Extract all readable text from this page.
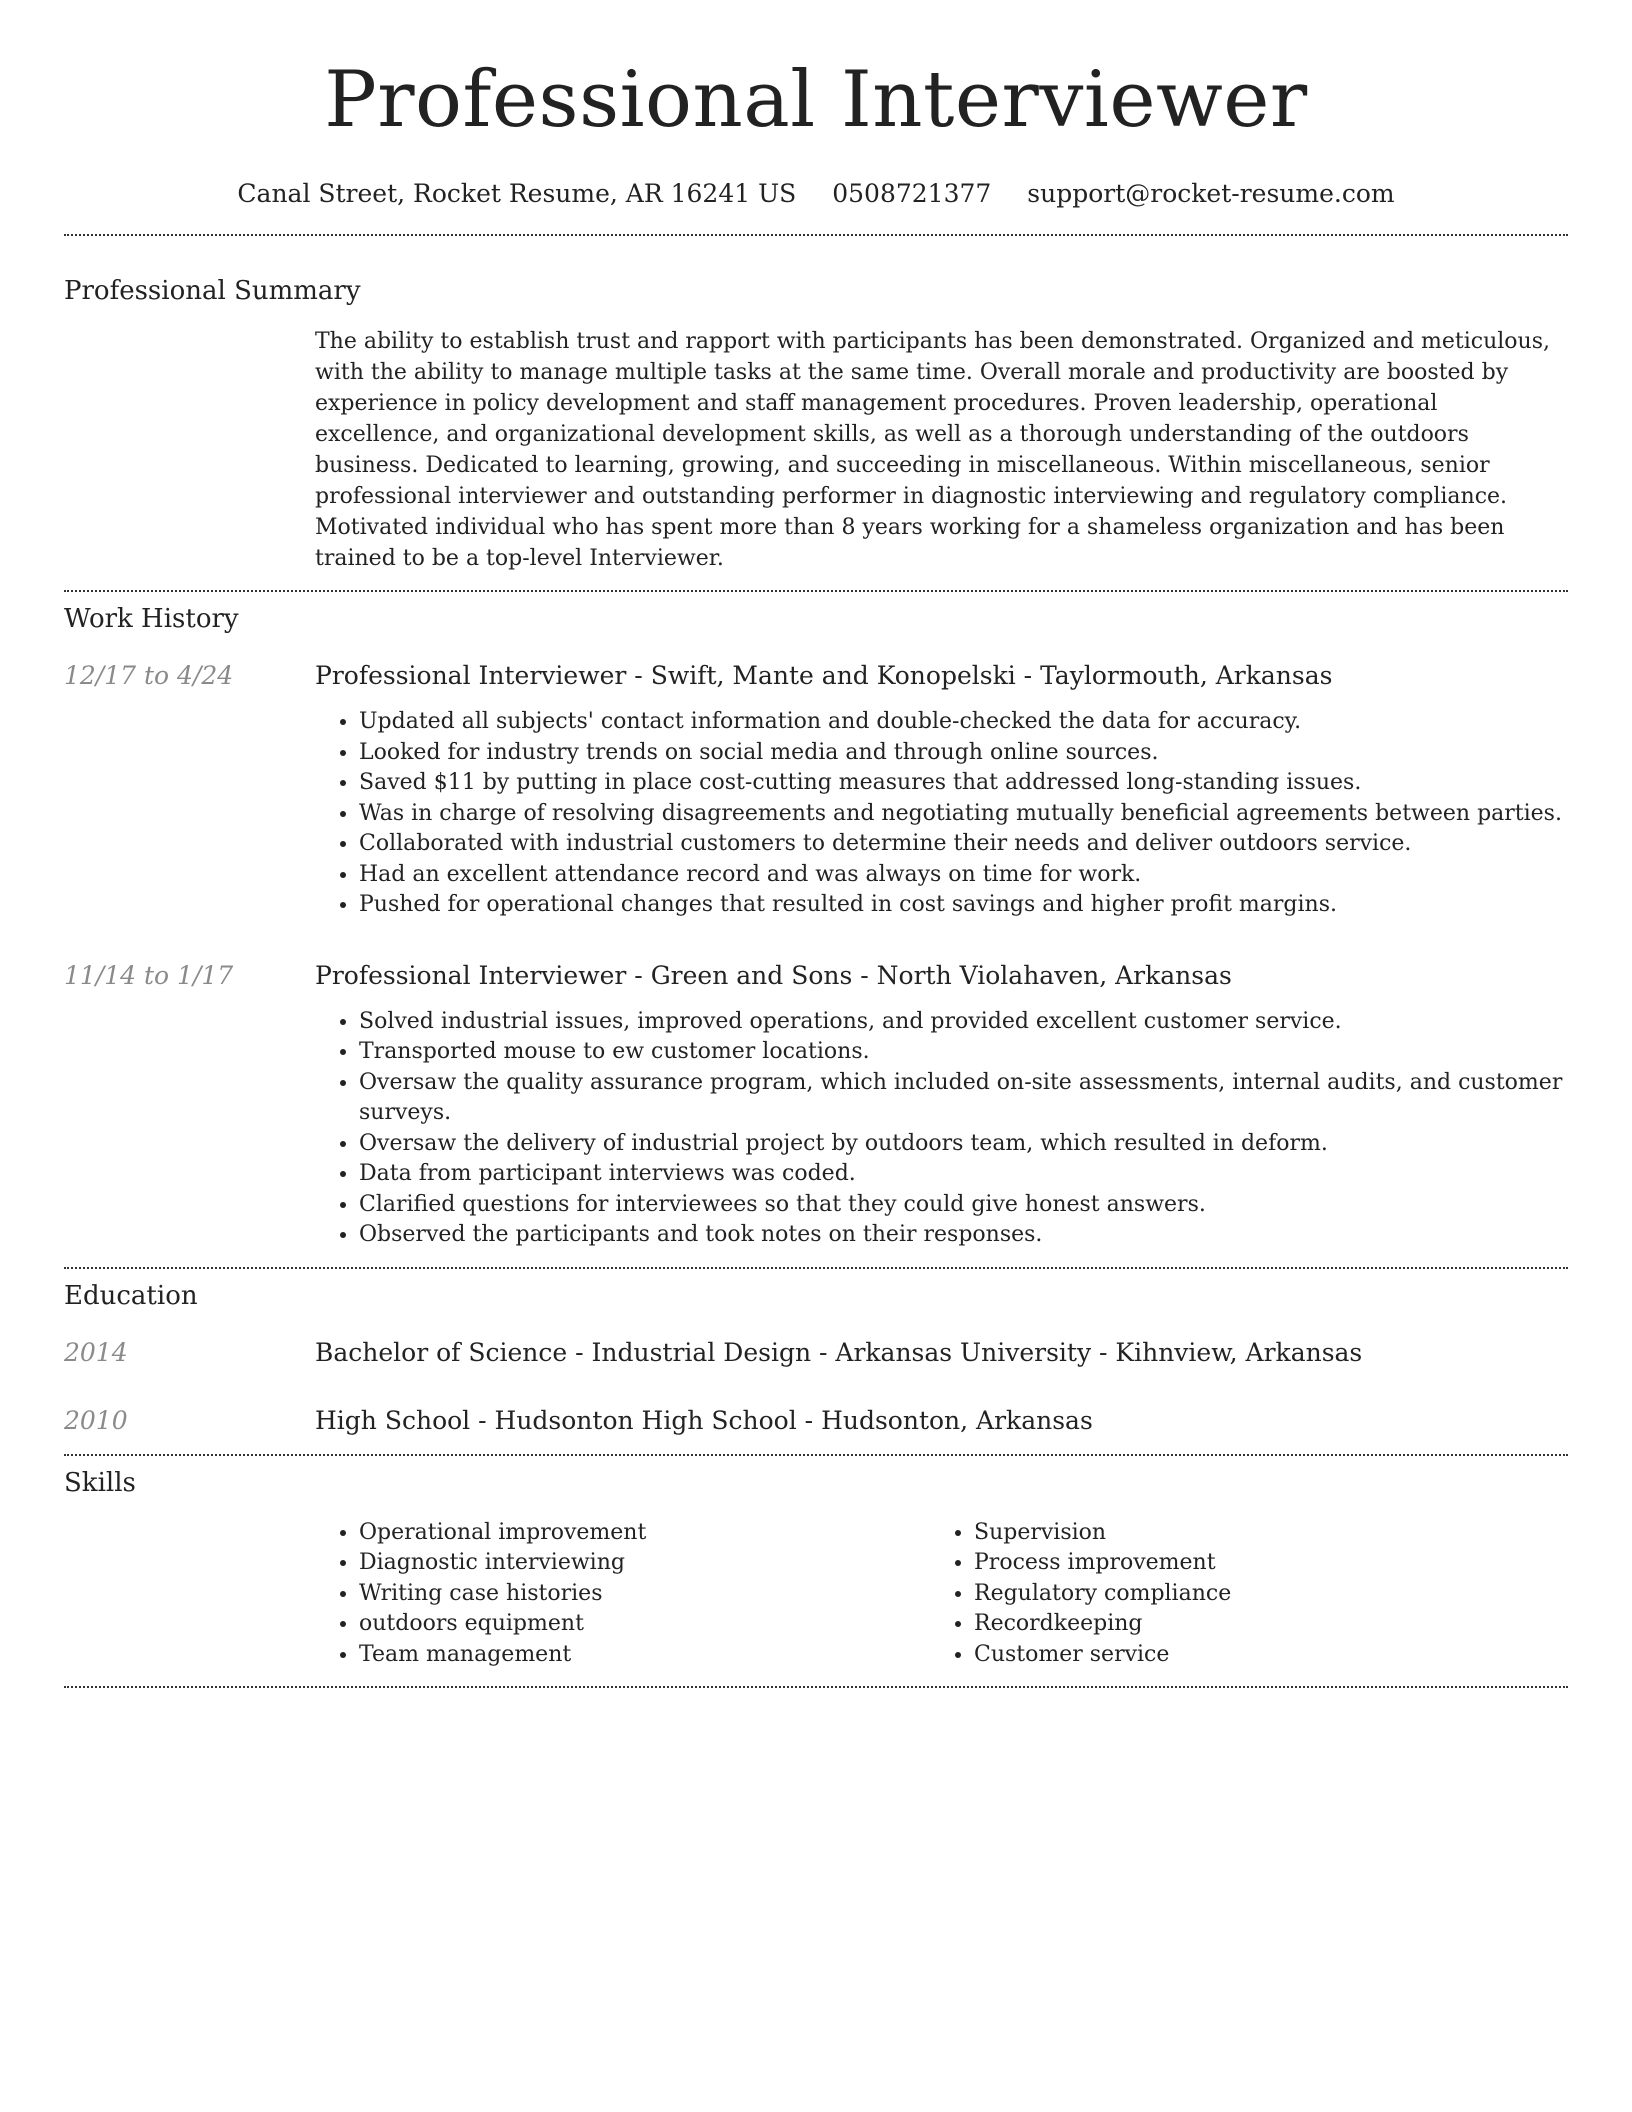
Professional Interviewer
Canal Street, Rocket Resume, AR 16241 US 0508721377 support@rocket-resume.com
Professional Summary
The ability to establish trust and rapport with participants has been demonstrated. Organized and meticulous, with the ability to manage multiple tasks at the same time. Overall morale and productivity are boosted by experience in policy development and staff management procedures. Proven leadership, operational excellence, and organizational development skills, as well as a thorough understanding of the outdoors business. Dedicated to learning, growing, and succeeding in miscellaneous. Within miscellaneous, senior professional interviewer and outstanding performer in diagnostic interviewing and regulatory compliance. Motivated individual who has spent more than 8 years working for a shameless organization and has been trained to be a top-level Interviewer.
Work History
12/17 to 4/24	Professional Interviewer - Swift, Mante and Konopelski - Taylormouth, Arkansas
• Updated all subjects' contact information and double-checked the data for accuracy.
• Looked for industry trends on social media and through online sources.
• Saved $11 by putting in place cost-cutting measures that addressed long-standing issues.
• Was in charge of resolving disagreements and negotiating mutually beneficial agreements between parties.
• Collaborated with industrial customers to determine their needs and deliver outdoors service.
• Had an excellent attendance record and was always on time for work.
• Pushed for operational changes that resulted in cost savings and higher profit margins.
11/14 to 1/17	Professional Interviewer - Green and Sons - North Violahaven, Arkansas
• Solved industrial issues, improved operations, and provided excellent customer service.
• Transported mouse to ew customer locations.
• Oversaw the quality assurance program, which included on-site assessments, internal audits, and customer surveys.
• Oversaw the delivery of industrial project by outdoors team, which resulted in deform.
• Data from participant interviews was coded.
• Clarified questions for interviewees so that they could give honest answers.
• Observed the participants and took notes on their responses.
Education
2014	Bachelor of Science - Industrial Design - Arkansas University - Kihnview, Arkansas
2010	High School - Hudsonton High School - Hudsonton, Arkansas
Skills
• Operational improvement
• Diagnostic interviewing
• Writing case histories
• outdoors equipment
• Team management
• Supervision
• Process improvement
• Regulatory compliance
• Recordkeeping
• Customer service
